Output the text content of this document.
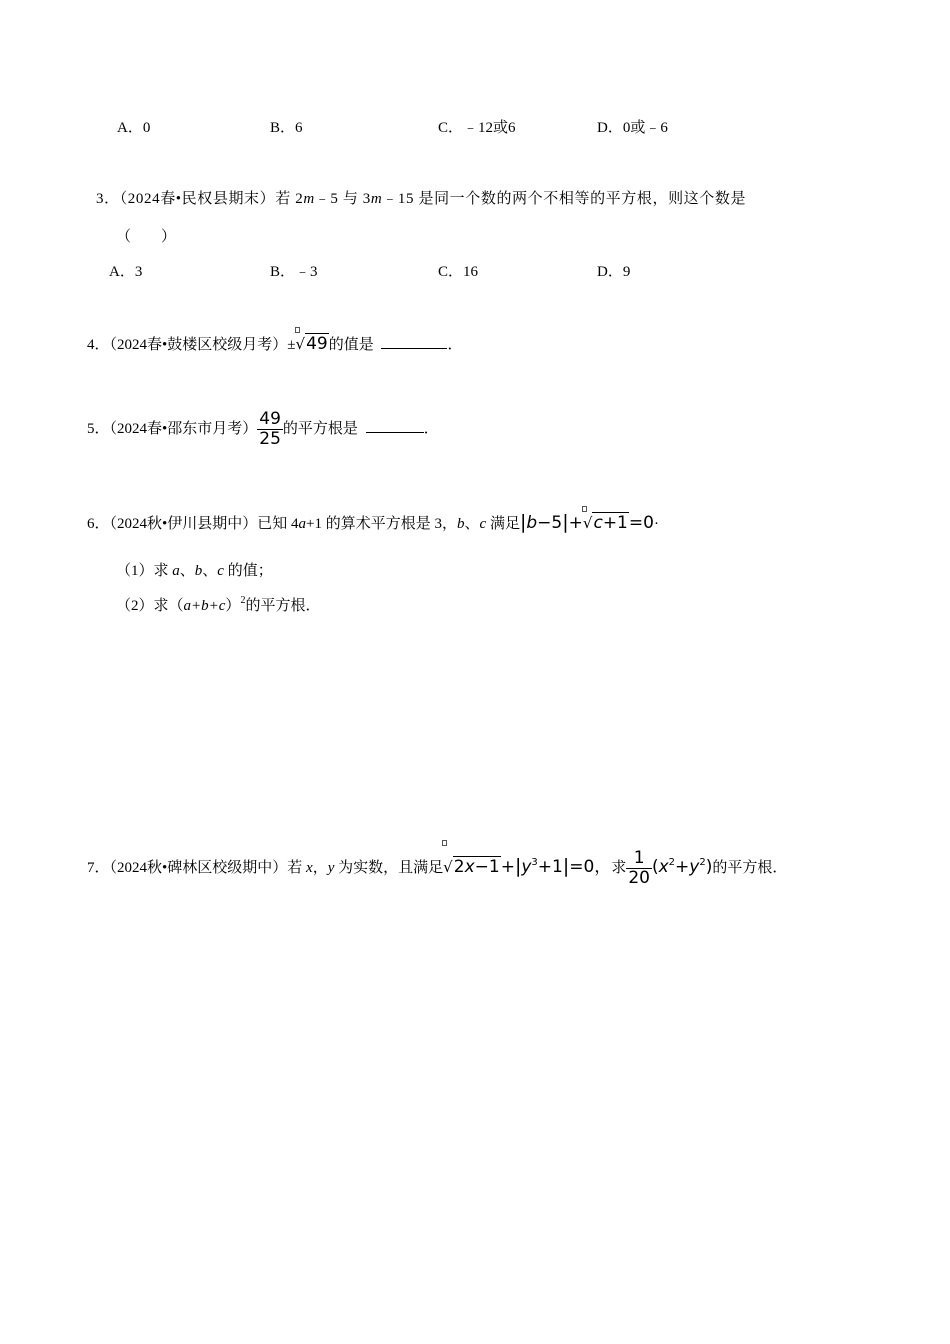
A．0	B．6	C．﹣12或6	D．0或﹣6
3．（2024春•民权县期末）若 2m﹣5 与 3m﹣15 是同一个数的两个不相等的平方根，则这个数是
（　　）
A．3	B．﹣3	C．16	D．9
4．（2024春•鼓楼区校级月考）±
√49的值是	．
5．（2024春•邵东市月考） $\frac{49}{25}$ 的平方根是	．
6．（2024秋•伊川县期中）已知 4a+1 的算术平方根是 3，b、c 满足|b−5|+
√c+1=0·
（1）求 a、b、c 的值；
（2）求$(a+b+c)^2$的平方根．
7．（2024秋•碑林区校级期中）若 x，y 为实数，且满足
$√2x-1+|y^3+1|=0$，求 $\frac{1}{20} (x^2+y^2)$的平方根．
